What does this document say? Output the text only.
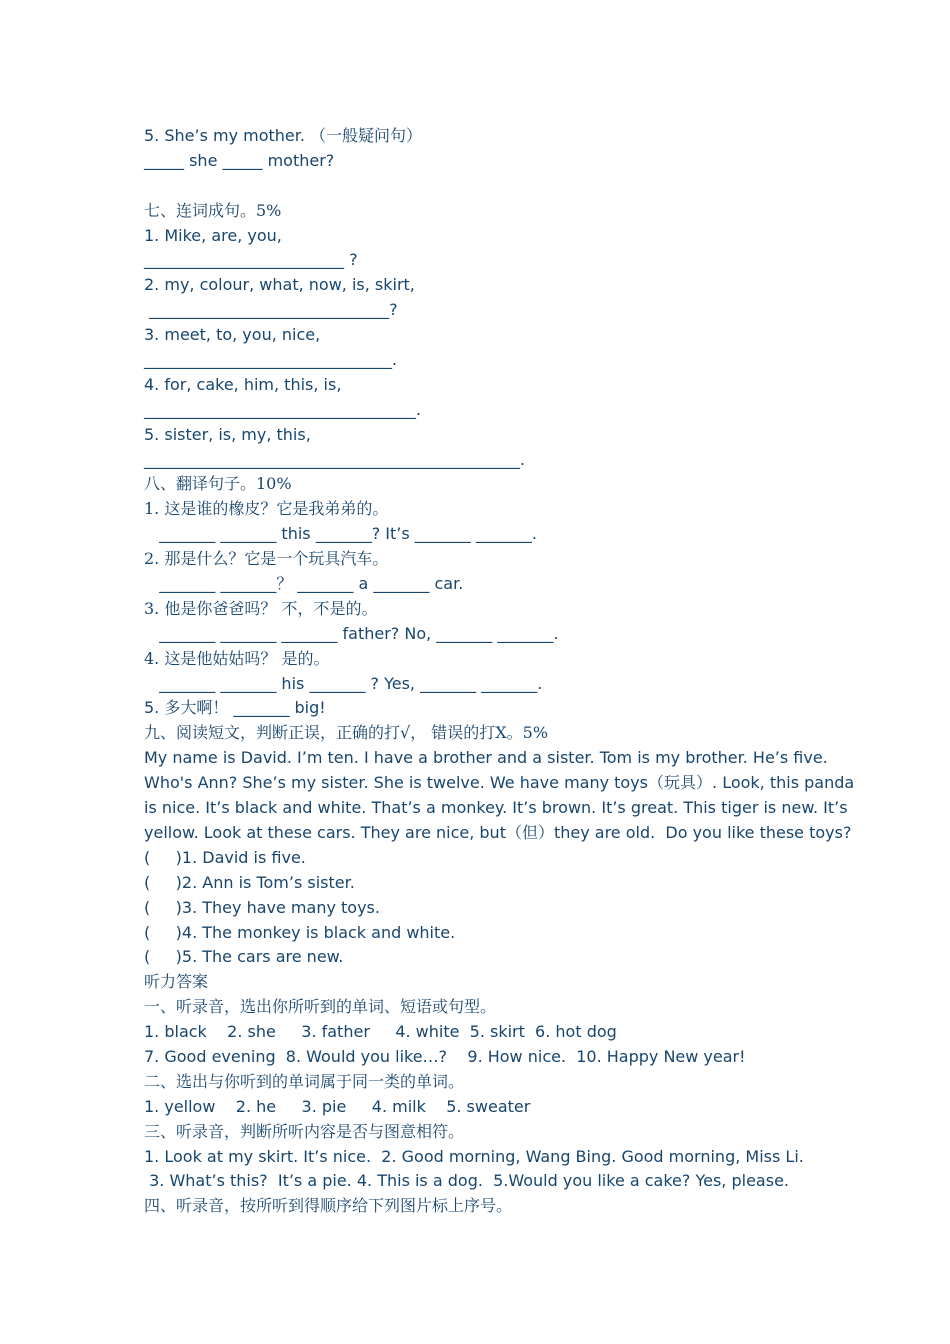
5. She’s my mother. （一般疑问句）
_____ she _____ mother?
七、连词成句。5%
1. Mike, are, you,
_________________________ ?
2. my, colour, what, now, is, skirt,
______________________________?
3. meet, to, you, nice,
_______________________________.
4. for, cake, him, this, is,
__________________________________.
5. sister, is, my, this,
_______________________________________________.
八、翻译句子。10%
1. 这是谁的橡皮？它是我弟弟的。
_______ _______ this _______? It’s _______ _______.
2. 那是什么？它是一个玩具汽车。
_______ _______？ _______ a _______ car.
3. 他是你爸爸吗？ 不，不是的。
_______ _______ _______ father? No, _______ _______.
4. 这是他姑姑吗？ 是的。
_______ _______ his _______ ? Yes, _______ _______.
5. 多大啊！ _______ big!
九、阅读短文，判断正误，正确的打√， 错误的打X。5%
My name is David. I’m ten. I have a brother and a sister. Tom is my brother. He’s five.
Who's Ann? She’s my sister. She is twelve. We have many toys（玩具）. Look, this panda
is nice. It’s black and white. That’s a monkey. It’s brown. It’s great. This tiger is new. It’s
yellow. Look at these cars. They are nice, but（但）they are old.  Do you like these toys?
(     )1. David is five.
(     )2. Ann is Tom’s sister.
(     )3. They have many toys.
(     )4. The monkey is black and white.
(     )5. The cars are new.
听力答案
一、听录音，选出你所听到的单词、短语或句型。
1. black    2. she     3. father     4. white  5. skirt  6. hot dog
7. Good evening  8. Would you like…?    9. How nice.  10. Happy New year!
二、选出与你听到的单词属于同一类的单词。
1. yellow    2. he     3. pie     4. milk    5. sweater
三、听录音，判断所听内容是否与图意相符。
1. Look at my skirt. It’s nice.  2. Good morning, Wang Bing. Good morning, Miss Li.
3. What’s this?  It’s a pie. 4. This is a dog.  5.Would you like a cake? Yes, please.
四、听录音，按所听到得顺序给下列图片标上序号。
